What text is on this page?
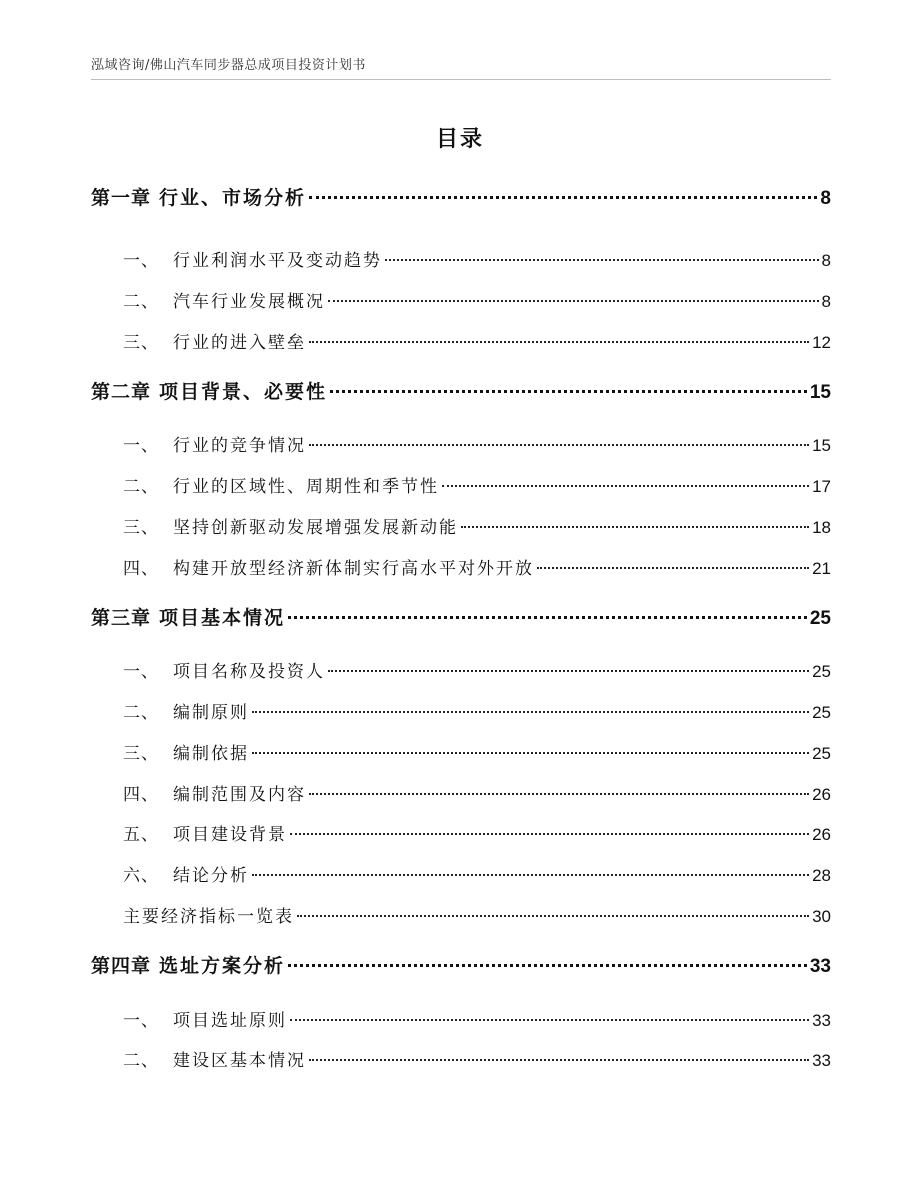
泓域咨询/佛山汽车同步器总成项目投资计划书
目录
第一章 行业、市场分析	8
一、 行业利润水平及变动趋势	8
二、 汽车行业发展概况	8
三、 行业的进入壁垒	12
第二章 项目背景、必要性	15
一、 行业的竞争情况	15
二、 行业的区域性、周期性和季节性	17
三、 坚持创新驱动发展增强发展新动能	18
四、 构建开放型经济新体制实行高水平对外开放	21
第三章 项目基本情况	25
一、 项目名称及投资人	25
二、 编制原则	25
三、 编制依据	25
四、 编制范围及内容	26
五、 项目建设背景	26
六、 结论分析	28
主要经济指标一览表	30
第四章 选址方案分析	33
一、 项目选址原则	33
二、 建设区基本情况	33
